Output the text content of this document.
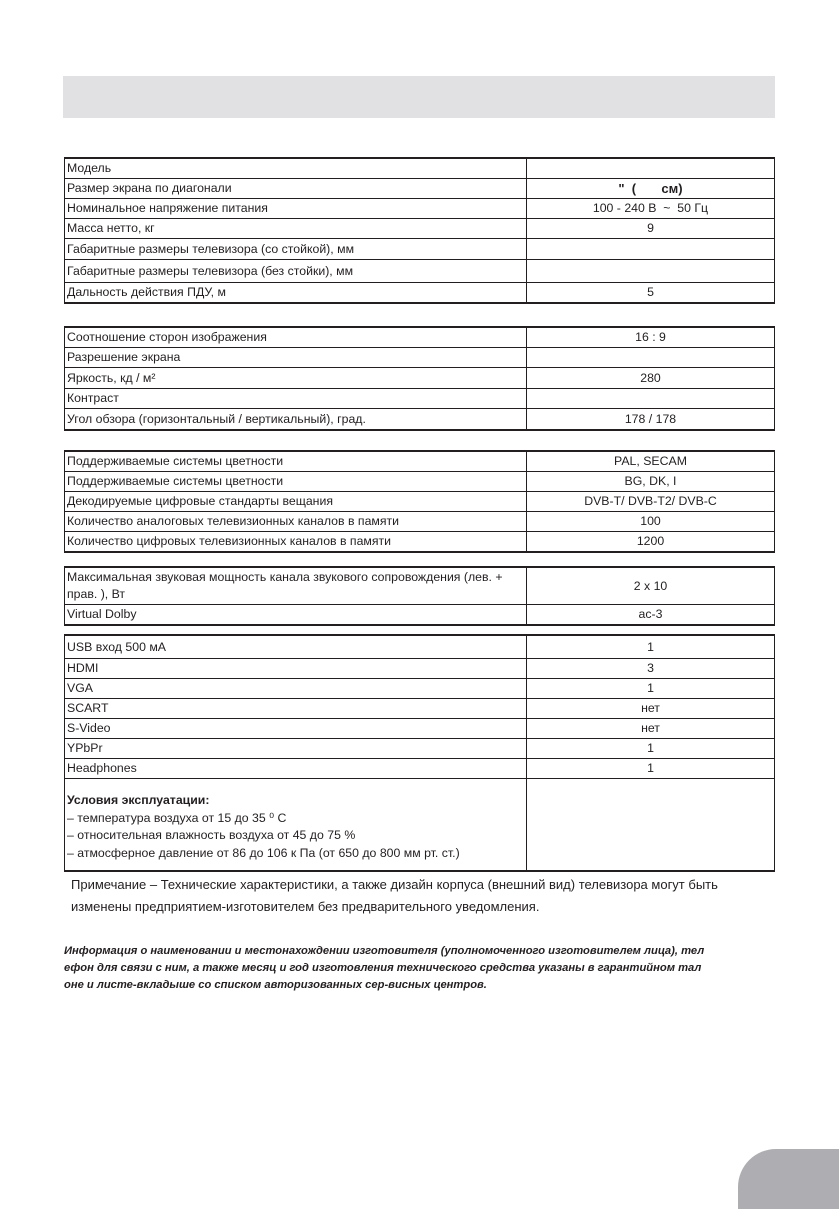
Модель	
Размер экрана по диагонали	"  (       см)
Номинальное напряжение питания	100 - 240 В  ~  50 Гц
Масса нетто, кг	9
Габаритные размеры телевизора (со стойкой), мм	
Габаритные размеры телевизора (без стойки), мм	
Дальность действия ПДУ, м	5
Соотношение сторон изображения	16 : 9
Разрешение экрана	
Яркость, кд / м²	280
Контраст	
Угол обзора (горизонтальный / вертикальный), град.	178 / 178
Поддерживаемые системы цветности	PAL, SECAM
Поддерживаемые системы цветности	BG, DK, I
Декодируемые цифровые стандарты вещания	DVB-T/ DVB-T2/ DVB-C
Количество аналоговых телевизионных каналов в памяти	100
Количество цифровых телевизионных каналов в памяти	1200
Максимальная звуковая мощность канала звукового сопровождения (лев. + прав. ), Вт	2 x 10
Virtual Dolby	ac-3
USB вход 500 мА	1
HDMI	3
VGA	1
SCART	нет
S-Video	нет
YPbPr	1
Headphones	1

Условия эксплуатации:
– температура воздуха от 15 до 35 ⁰ С
– относительная влажность воздуха от 45 до 75 %
– атмосферное давление от 86 до 106 к Па (от 650 до 800 мм рт. ст.)	

Примечание – Технические характеристики, а также дизайн корпуса (внешний вид) телевизора могут быть
изменены предприятием-изготовителем без предварительного уведомления.
Информация о наименовании и местонахождении изготовителя (уполномоченного изготовителем лица), тел
ефон для связи с ним, а также месяц и год изготовления технического средства указаны в гарантийном тал
оне и листе-вкладыше со списком авторизованных сер-висных центров.
